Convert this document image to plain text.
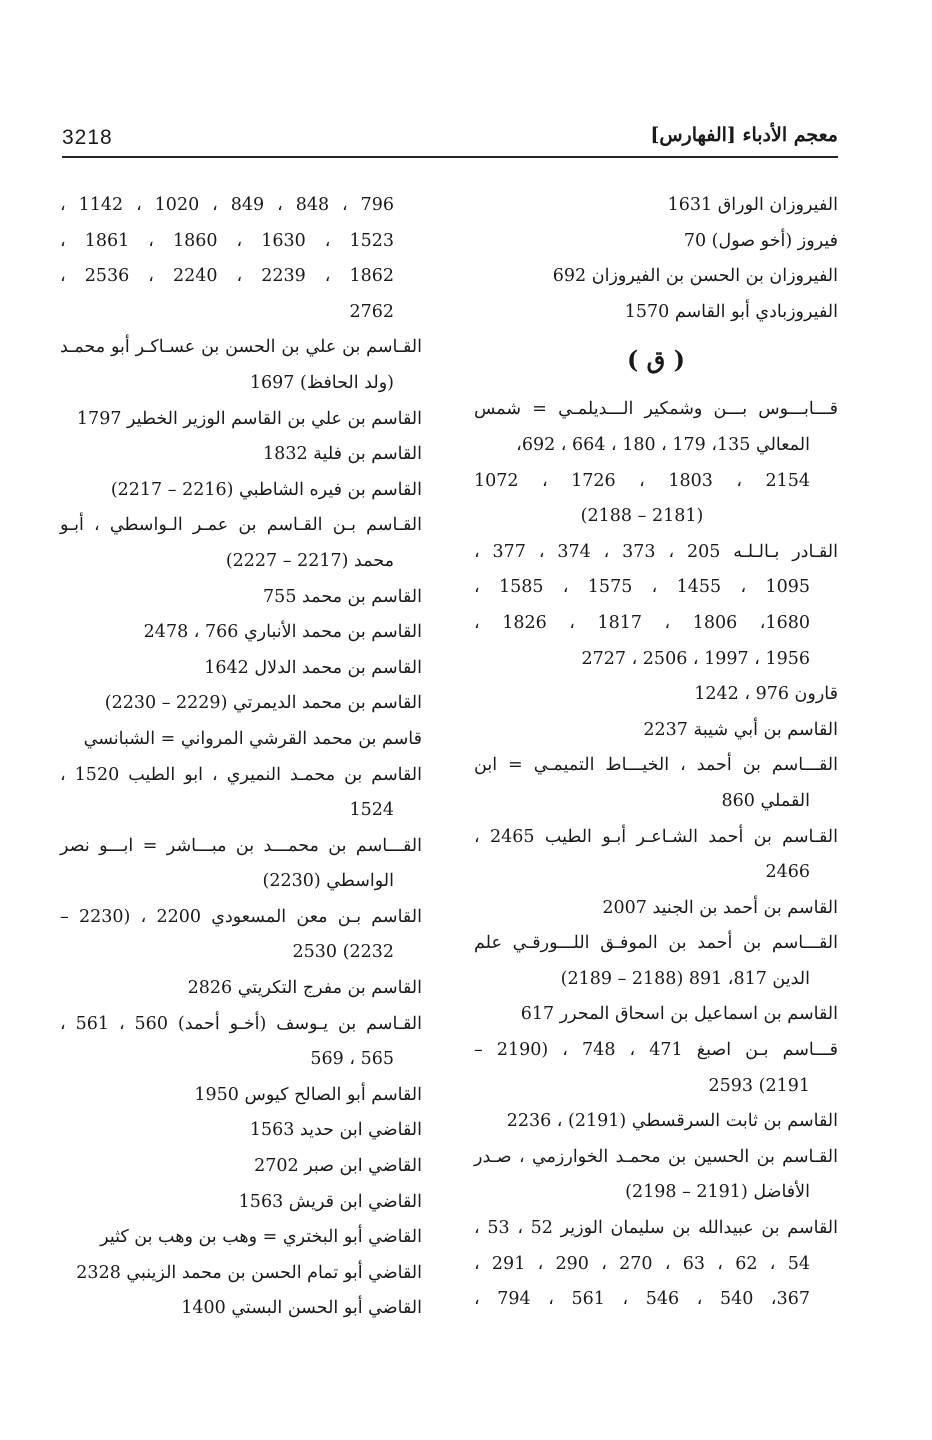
3218	معجم الأدباء [الفهارس]
الفيروزان الوراق 1631
فيروز (أخو صول) 70
الفيروزان بن الحسن بن الفيروزان 692
الفيروزبادي أبو القاسم 1570
( ق )
قـــابـــوس بـــن وشمكير الـــديلمـي = شمس
المعالي 135، 179 ، 180 ، 664 ، 692،
2154 ، 1803 ، 1726 ، 1072
(2181 – 2188)
القـادر بـالـلـه 205 ، 373 ، 374 ، 377 ،
1095 ، 1455 ، 1575 ، 1585 ،
1680، 1806 ، 1817 ، 1826 ،
1956 ، 1997 ، 2506 ، 2727
قارون 976 ، 1242
القاسم بن أبي شيبة 2237
القـــاسم بن أحمد ، الخيـــاط التميمـي = ابن
القملي 860
القـاسم بن أحمد الشـاعـر أبـو الطيب 2465 ،
2466
القاسم بن أحمد بن الجنيد 2007
القـــاسم بن أحمد بن الموفـق اللـــورقـي علم
الدين 817، 891 (2188 – 2189)
القاسم بن اسماعيل بن اسحاق المحرر 617
قـــاسم بـن اصبغ 471 ، 748 ، (2190 –
2191) 2593
القاسم بن ثابت السرقسطي (2191) ، 2236
القـاسم بن الحسين بن محمـد الخوارزمي ، صـدر
الأفاضل (2191 – 2198)
القاسم بن عبيدالله بن سليمان الوزير 52 ، 53 ،
54 ، 62 ، 63 ، 270 ، 290 ، 291 ،
367، 540 ، 546 ، 561 ، 794 ،
796 ، 848 ، 849 ، 1020 ، 1142 ،
1523 ، 1630 ، 1860 ، 1861 ،
1862 ، 2239 ، 2240 ، 2536 ،
2762
القـاسم بن علي بن الحسن بن عسـاكـر أبو محمـد
(ولد الحافظ) 1697
القاسم بن علي بن القاسم الوزير الخطير 1797
القاسم بن فلية 1832
القاسم بن فيره الشاطبي (2216 – 2217)
القـاسم بـن القـاسم بن عمـر الـواسطي ، أبـو
محمد (2217 – 2227)
القاسم بن محمد 755
القاسم بن محمد الأنباري 766 ، 2478
القاسم بن محمد الدلال 1642
القاسم بن محمد الديمرتي (2229 – 2230)
قاسم بن محمد القرشي المرواني = الشبانسي
القاسم بن محمـد النميري ، ابو الطيب 1520 ،
1524
القـــاسم بن محمـــد بن مبـــاشر = ابـــو نصر
الواسطي (2230)
القاسم بـن معن المسعودي 2200 ، (2230 –
2232) 2530
القاسم بن مفرج التكريتي 2826
القـاسم بن يـوسف (أخـو أحمد) 560 ، 561 ،
565 ، 569
القاسم أبو الصالح كيوس 1950
القاضي ابن حديد 1563
القاضي ابن صبر 2702
القاضي ابن قريش 1563
القاضي أبو البختري = وهب بن وهب بن كثير
القاضي أبو تمام الحسن بن محمد الزينبي 2328
القاضي أبو الحسن البستي 1400
